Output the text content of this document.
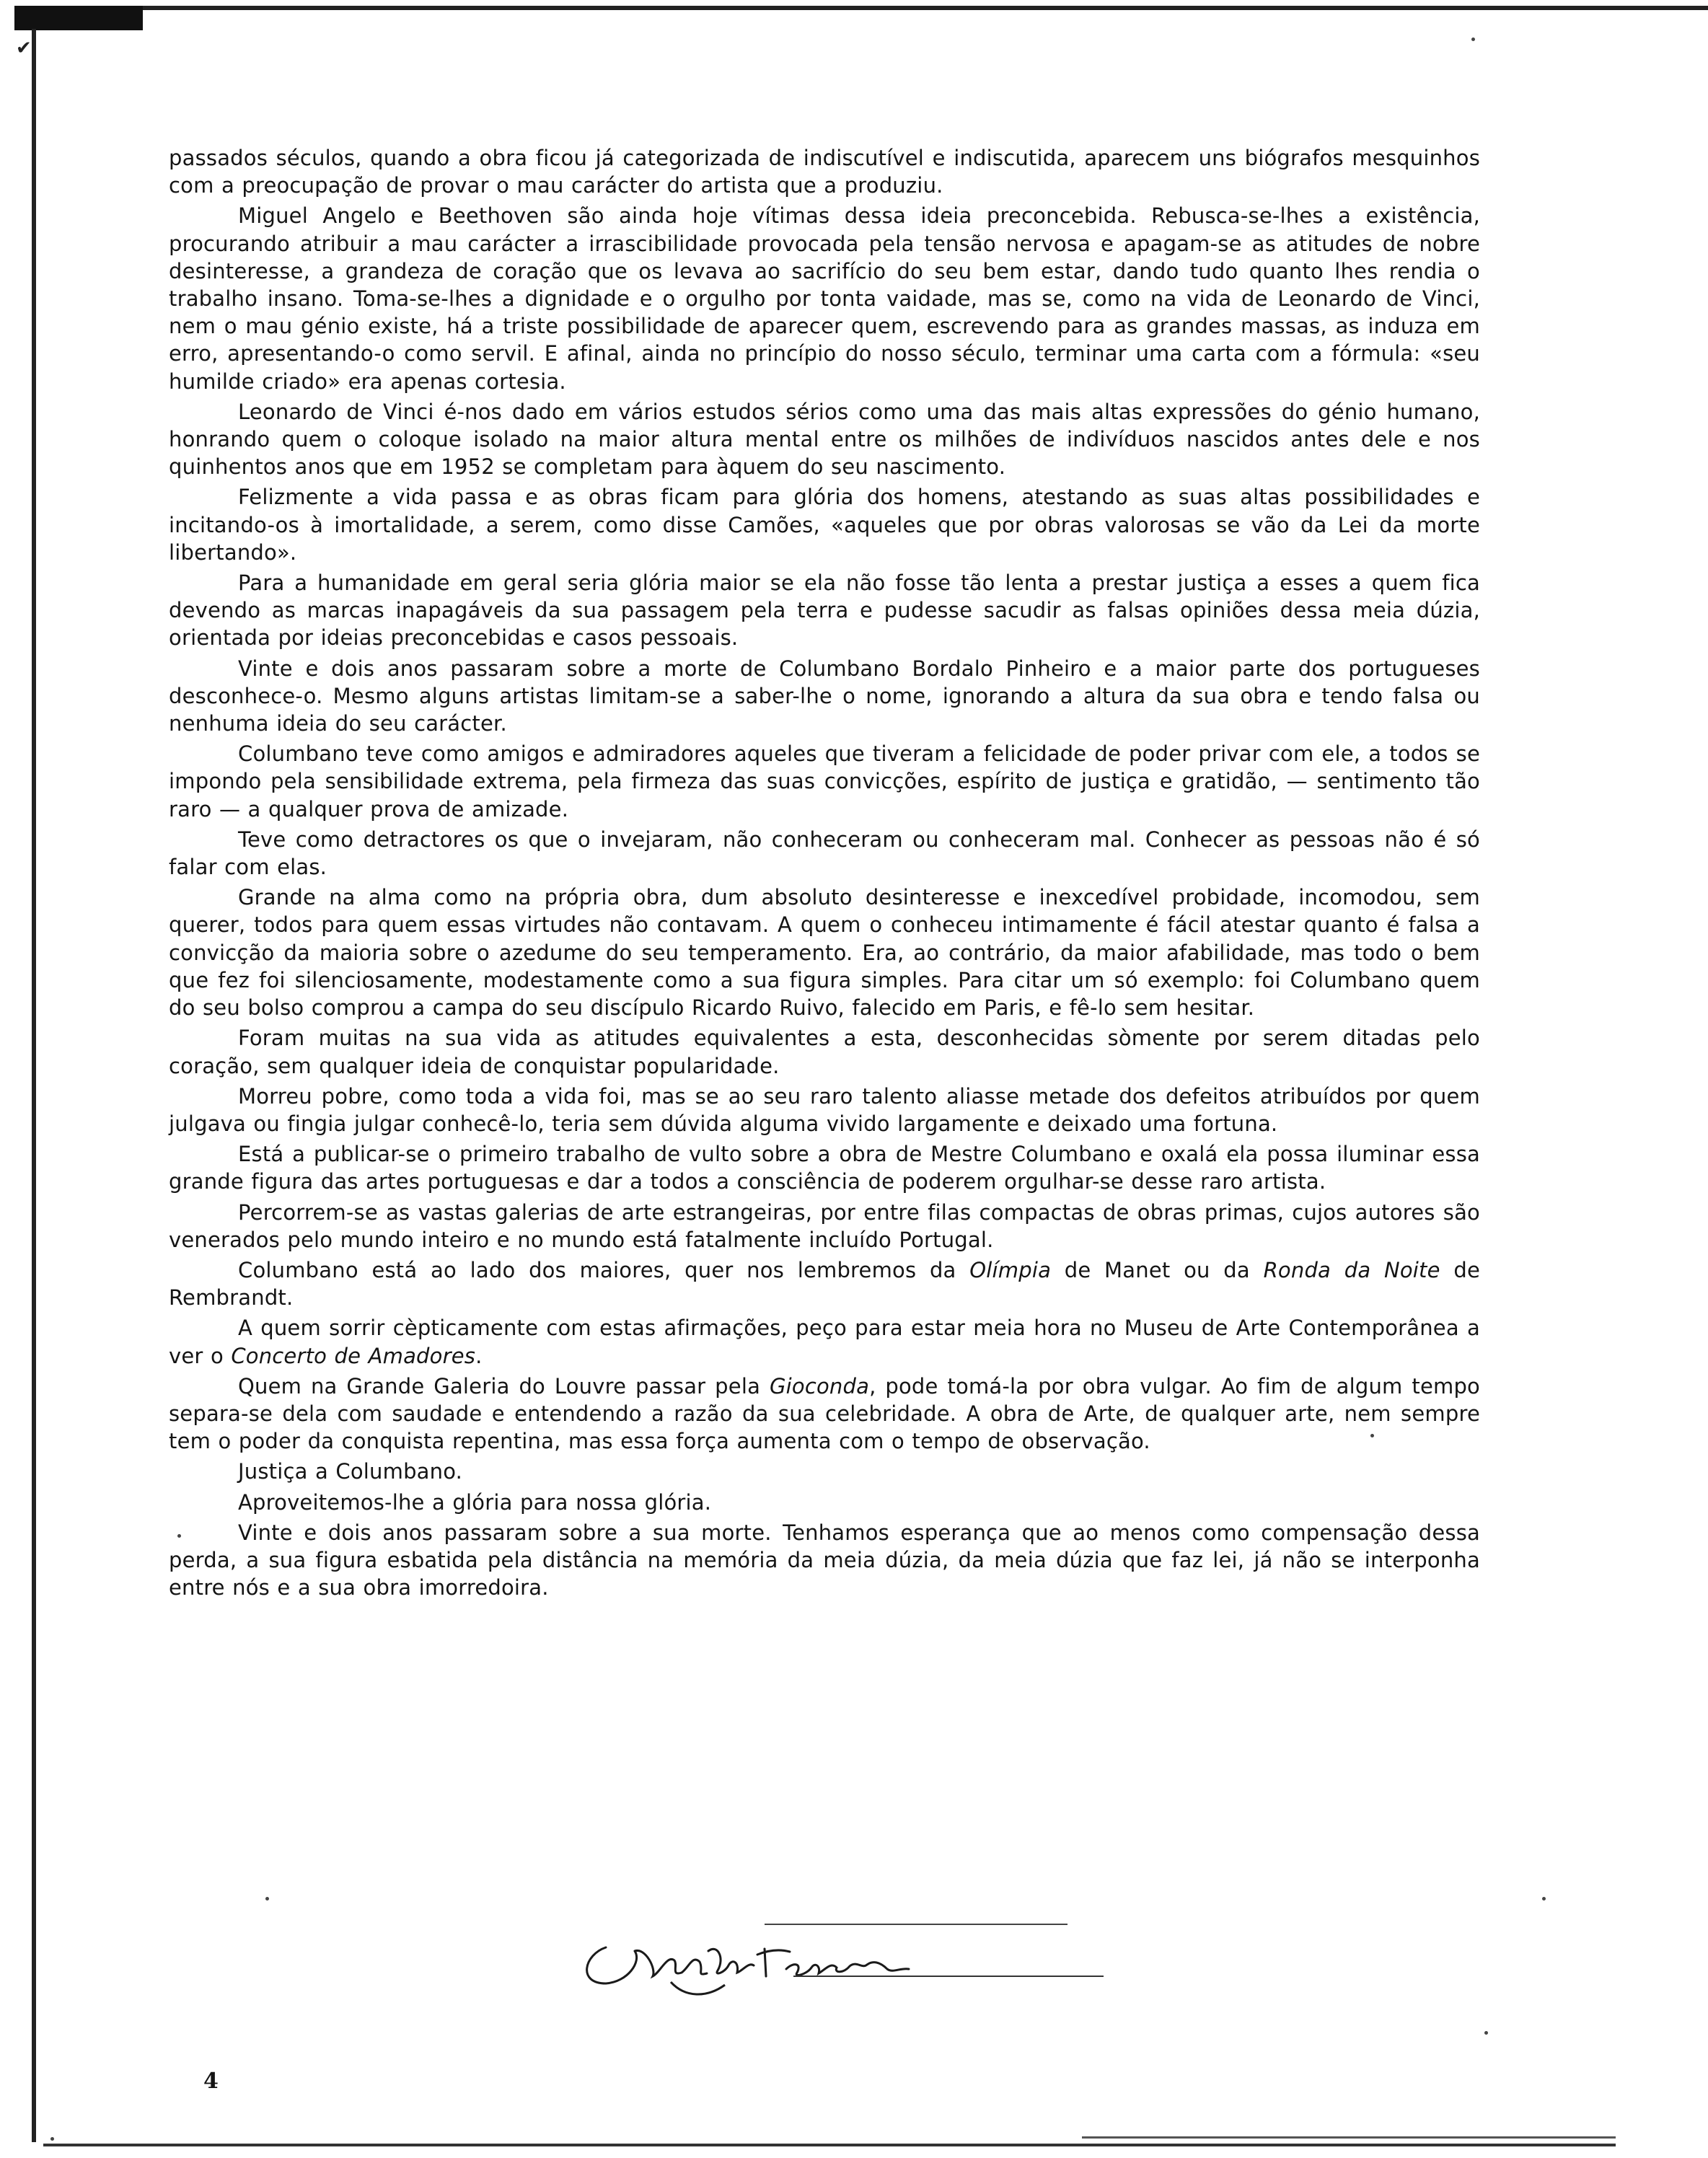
✔

passados séculos, quando a obra ficou já categorizada de indiscutível e indiscutida, aparecem uns biógrafos mesquinhos com a preocupação de provar o mau carácter do artista que a produziu.

Miguel Angelo e Beethoven são ainda hoje vítimas dessa ideia preconcebida. Rebusca-se-lhes a existência, procurando atribuir a mau carácter a irrascibilidade provocada pela tensão nervosa e apagam-se as atitudes de nobre desinteresse, a grandeza de coração que os levava ao sacrifício do seu bem estar, dando tudo quanto lhes rendia o trabalho insano. Toma-se-lhes a dignidade e o orgulho por tonta vaidade, mas se, como na vida de Leonardo de Vinci, nem o mau génio existe, há a triste possibilidade de aparecer quem, escrevendo para as grandes massas, as induza em erro, apresentando-o como servil. E afinal, ainda no princípio do nosso século, terminar uma carta com a fórmula: «seu humilde criado» era apenas cortesia.

Leonardo de Vinci é-nos dado em vários estudos sérios como uma das mais altas expressões do génio humano, honrando quem o coloque isolado na maior altura mental entre os milhões de indivíduos nascidos antes dele e nos quinhentos anos que em 1952 se completam para àquem do seu nascimento.

Felizmente a vida passa e as obras ficam para glória dos homens, atestando as suas altas possibilidades e incitando-os à imortalidade, a serem, como disse Camões, «aqueles que por obras valorosas se vão da Lei da morte libertando».

Para a humanidade em geral seria glória maior se ela não fosse tão lenta a prestar justiça a esses a quem fica devendo as marcas inapagáveis da sua passagem pela terra e pudesse sacudir as falsas opiniões dessa meia dúzia, orientada por ideias preconcebidas e casos pessoais.

Vinte e dois anos passaram sobre a morte de Columbano Bordalo Pinheiro e a maior parte dos portugueses desconhece-o. Mesmo alguns artistas limitam-se a saber-lhe o nome, ignorando a altura da sua obra e tendo falsa ou nenhuma ideia do seu carácter.

Columbano teve como amigos e admiradores aqueles que tiveram a felicidade de poder privar com ele, a todos se impondo pela sensibilidade extrema, pela firmeza das suas convicções, espírito de justiça e gratidão, — sentimento tão raro — a qualquer prova de amizade.

Teve como detractores os que o invejaram, não conheceram ou conheceram mal. Conhecer as pessoas não é só falar com elas.

Grande na alma como na própria obra, dum absoluto desinteresse e inexcedível probidade, incomodou, sem querer, todos para quem essas virtudes não contavam. A quem o conheceu intimamente é fácil atestar quanto é falsa a convicção da maioria sobre o azedume do seu temperamento. Era, ao contrário, da maior afabilidade, mas todo o bem que fez foi silenciosamente, modestamente como a sua figura simples. Para citar um só exemplo: foi Columbano quem do seu bolso comprou a campa do seu discípulo Ricardo Ruivo, falecido em Paris, e fê-lo sem hesitar.

Foram muitas na sua vida as atitudes equivalentes a esta, desconhecidas sòmente por serem ditadas pelo coração, sem qualquer ideia de conquistar popularidade.

Morreu pobre, como toda a vida foi, mas se ao seu raro talento aliasse metade dos defeitos atribuídos por quem julgava ou fingia julgar conhecê-lo, teria sem dúvida alguma vivido largamente e deixado uma fortuna.

Está a publicar-se o primeiro trabalho de vulto sobre a obra de Mestre Columbano e oxalá ela possa iluminar essa grande figura das artes portuguesas e dar a todos a consciência de poderem orgulhar-se desse raro artista.

Percorrem-se as vastas galerias de arte estrangeiras, por entre filas compactas de obras primas, cujos autores são venerados pelo mundo inteiro e no mundo está fatalmente incluído Portugal.

Columbano está ao lado dos maiores, quer nos lembremos da Olímpia de Manet ou da Ronda da Noite de Rembrandt.

A quem sorrir cèpticamente com estas afirmações, peço para estar meia hora no Museu de Arte Contemporânea a ver o Concerto de Amadores.

Quem na Grande Galeria do Louvre passar pela Gioconda, pode tomá-la por obra vulgar. Ao fim de algum tempo separa-se dela com saudade e entendendo a razão da sua celebridade. A obra de Arte, de qualquer arte, nem sempre tem o poder da conquista repentina, mas essa força aumenta com o tempo de observação.

Justiça a Columbano.

Aproveitemos-lhe a glória para nossa glória.

Vinte e dois anos passaram sobre a sua morte. Tenhamos esperança que ao menos como compensação dessa perda, a sua figura esbatida pela distância na memória da meia dúzia, da meia dúzia que faz lei, já não se interponha entre nós e a sua obra imorredoira.

4
